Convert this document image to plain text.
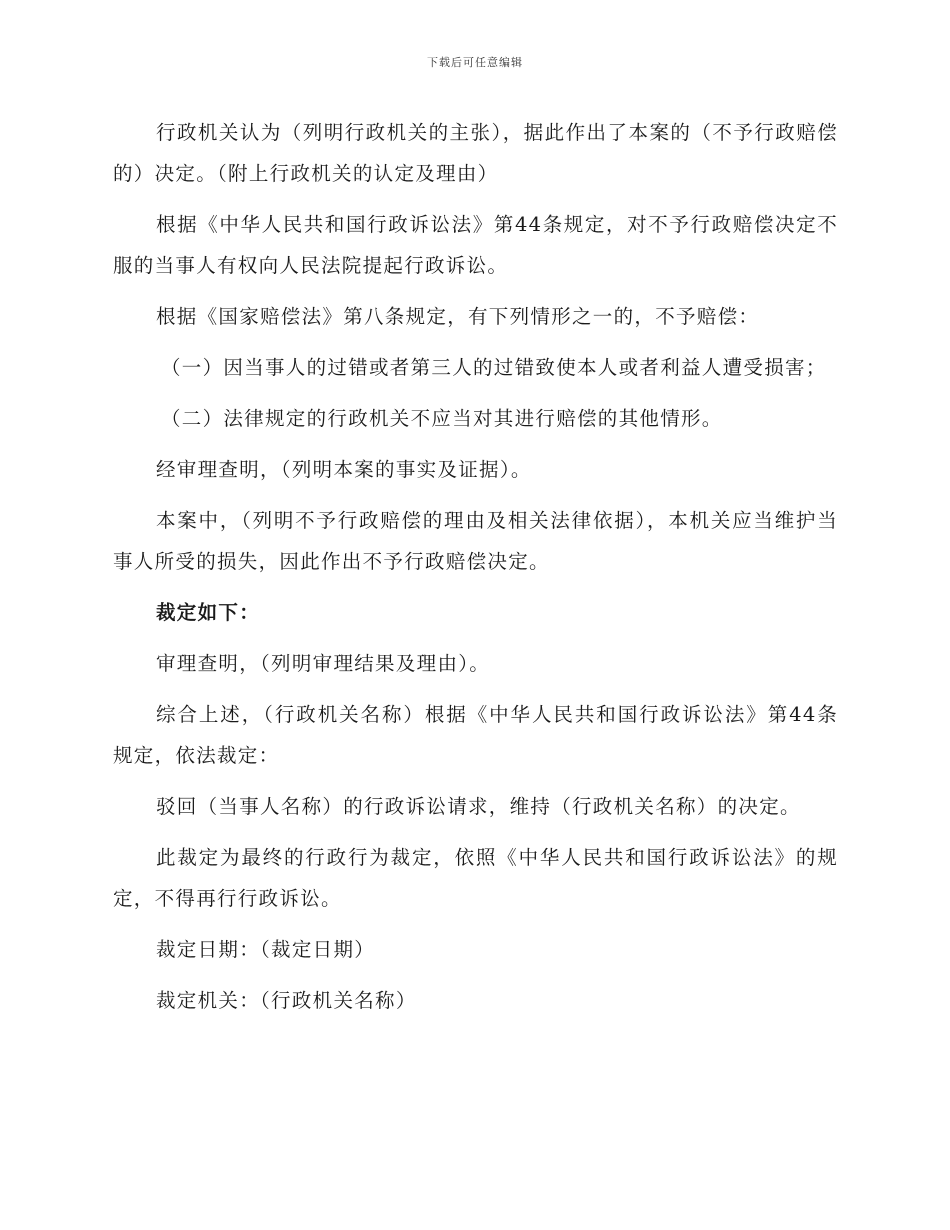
下载后可任意编辑

行政机关认为（列明行政机关的主张），据此作出了本案的（不予行政赔偿的）决定。（附上行政机关的认定及理由）

根据《中华人民共和国行政诉讼法》第44条规定，对不予行政赔偿决定不服的当事人有权向人民法院提起行政诉讼。

根据《国家赔偿法》第八条规定，有下列情形之一的，不予赔偿：

（一）因当事人的过错或者第三人的过错致使本人或者利益人遭受损害；

（二）法律规定的行政机关不应当对其进行赔偿的其他情形。

经审理查明，（列明本案的事实及证据）。

本案中，（列明不予行政赔偿的理由及相关法律依据），本机关应当维护当事人所受的损失，因此作出不予行政赔偿决定。

裁定如下：

审理查明，（列明审理结果及理由）。

综合上述，（行政机关名称）根据《中华人民共和国行政诉讼法》第44条规定，依法裁定：

驳回（当事人名称）的行政诉讼请求，维持（行政机关名称）的决定。

此裁定为最终的行政行为裁定，依照《中华人民共和国行政诉讼法》的规定，不得再行行政诉讼。

裁定日期：（裁定日期）

裁定机关：（行政机关名称）
